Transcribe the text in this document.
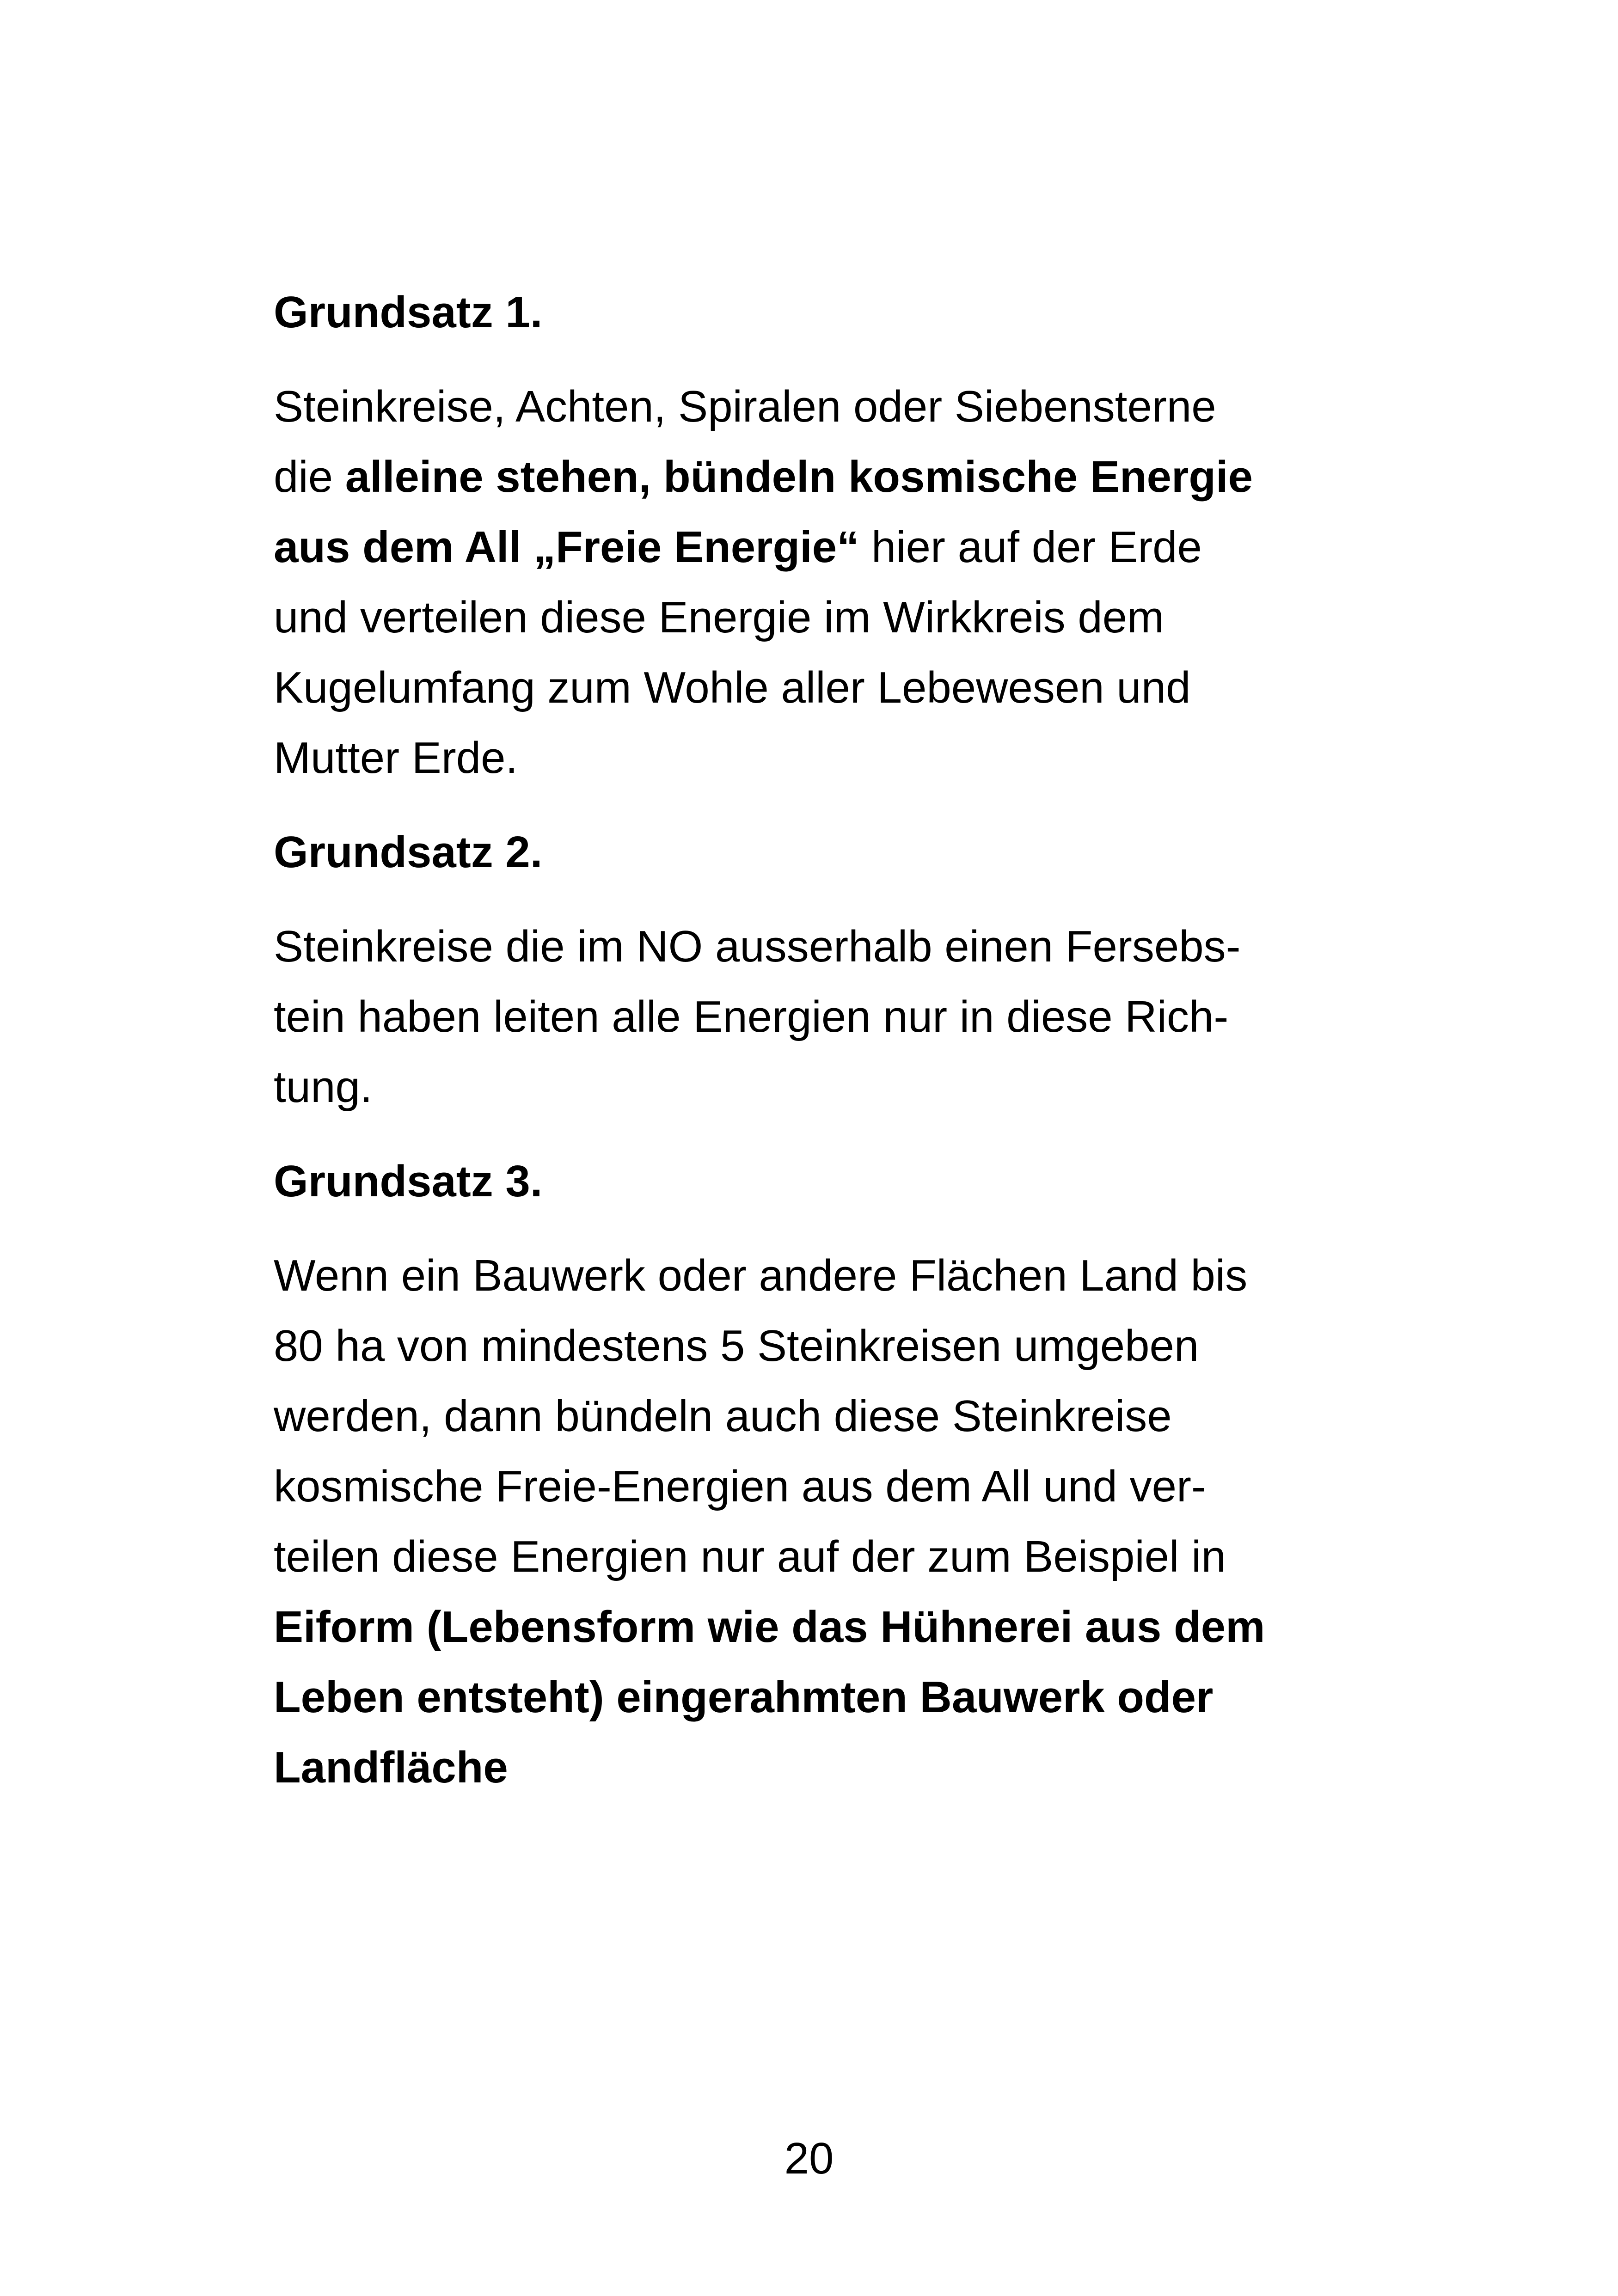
Grundsatz 1.
Steinkreise, Achten, Spiralen oder Siebensterne
die alleine stehen, bündeln kosmische Energie
aus dem All „Freie Energie“ hier auf der Erde
und verteilen diese Energie im Wirkkreis dem
Kugelumfang zum Wohle aller Lebewesen und
Mutter Erde.
Grundsatz 2.
Steinkreise die im NO ausserhalb einen Fersebs-
tein haben leiten alle Energien nur in diese Rich-
tung.
Grundsatz 3.
Wenn ein Bauwerk oder andere Flächen Land bis
80 ha von mindestens 5 Steinkreisen umgeben
werden, dann bündeln auch diese Steinkreise
kosmische Freie-Energien aus dem All und ver-
teilen diese Energien nur auf der zum Beispiel in
Eiform (Lebensform wie das Hühnerei aus dem
Leben entsteht) eingerahmten Bauwerk oder
Landfläche
20
